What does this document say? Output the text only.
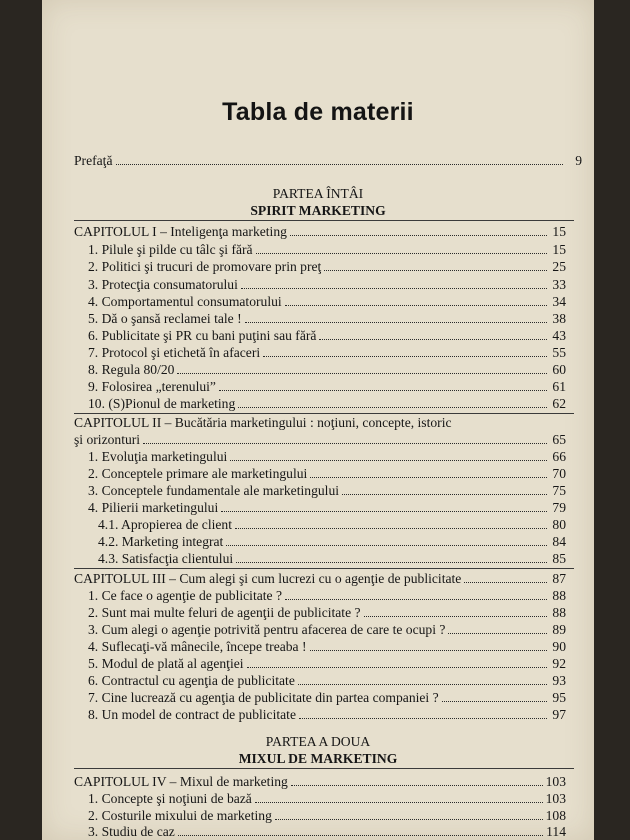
Tabla de materii
Prefaţă	9
PARTEA ÎNTÂI
SPIRIT MARKETING
CAPITOLUL I – Inteligenţa marketing	15
1. Pilule şi pilde cu tâlc şi fără	15
2. Politici şi trucuri de promovare prin preţ	25
3. Protecţia consumatorului	33
4. Comportamentul consumatorului	34
5. Dă o şansă reclamei tale !	38
6. Publicitate şi PR cu bani puţini sau fără	43
7. Protocol şi etichetă în afaceri	55
8. Regula 80/20	60
9. Folosirea „terenului”	61
10. (S)Pionul de marketing	62
CAPITOLUL II – Bucătăria marketingului : noţiuni, concepte, istoric
şi orizonturi	65
1. Evoluţia marketingului	66
2. Conceptele primare ale marketingului	70
3. Conceptele fundamentale ale marketingului	75
4. Pilierii marketingului	79
4.1. Apropierea de client	80
4.2. Marketing integrat	84
4.3. Satisfacţia clientului	85
CAPITOLUL III – Cum alegi şi cum lucrezi cu o agenţie de publicitate	87
1. Ce face o agenţie de publicitate ?	88
2. Sunt mai multe feluri de agenţii de publicitate ?	88
3. Cum alegi o agenţie potrivită pentru afacerea de care te ocupi ?	89
4. Suflecaţi-vă mânecile, începe treaba !	90
5. Modul de plată al agenţiei	92
6. Contractul cu agenţia de publicitate	93
7. Cine lucrează cu agenţia de publicitate din partea companiei ?	95
8. Un model de contract de publicitate	97
PARTEA A DOUA
MIXUL DE MARKETING
CAPITOLUL IV – Mixul de marketing	103
1. Concepte şi noţiuni de bază	103
2. Costurile mixului de marketing	108
3. Studiu de caz	114
